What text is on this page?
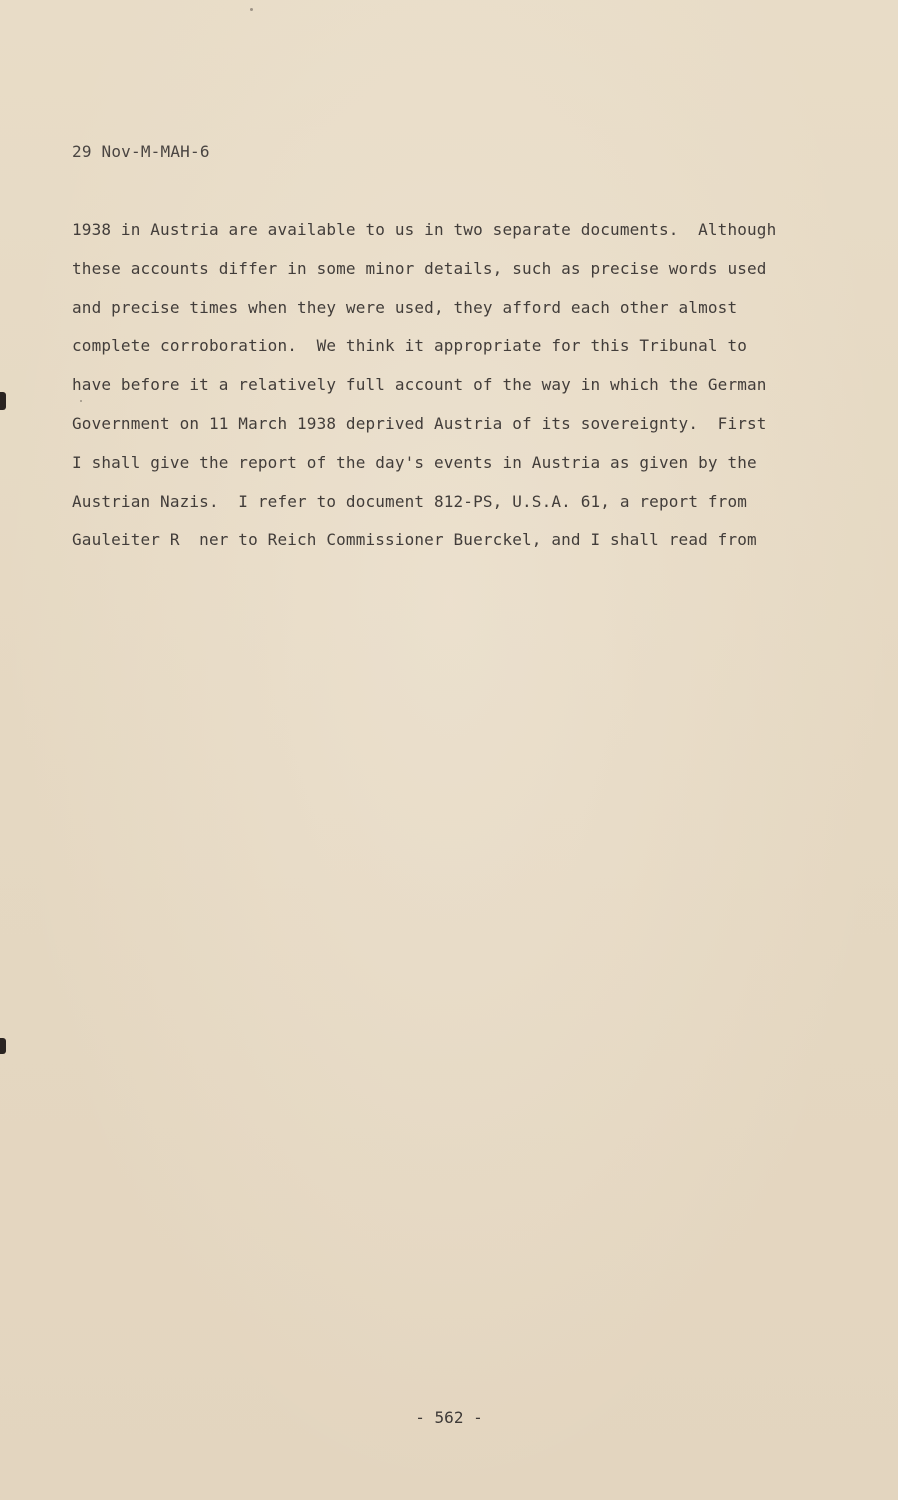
29 Nov-M-MAH-6
1938 in Austria are available to us in two separate documents.  Although
these accounts differ in some minor details, such as precise words used
and precise times when they were used, they afford each other almost
complete corroboration.  We think it appropriate for this Tribunal to
have before it a relatively full account of the way in which the German
Government on 11 March 1938 deprived Austria of its sovereignty.  First
I shall give the report of the day's events in Austria as given by the
Austrian Nazis.  I refer to document 812-PS, U.S.A. 61, a report from
Gauleiter R  ner to Reich Commissioner Buerckel, and I shall read from
- 562 -
